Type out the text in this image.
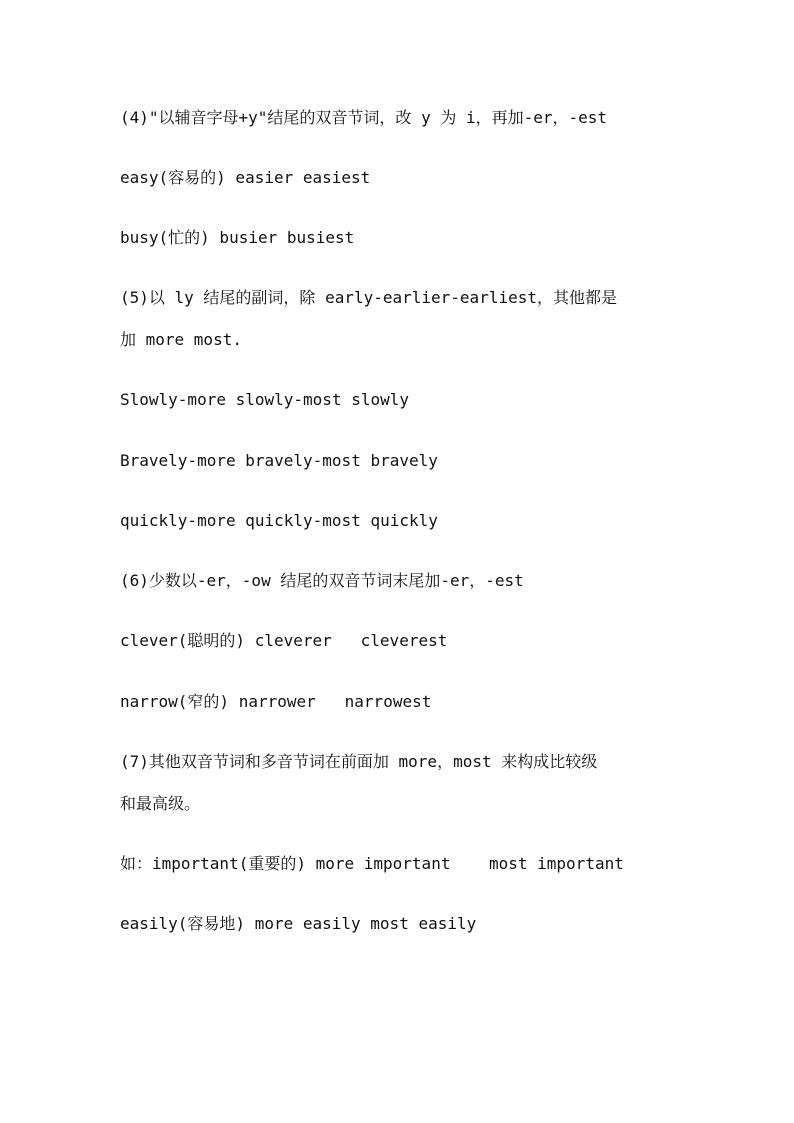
(4)"以辅音字母+y"结尾的双音节词，改 y 为 i，再加-er，-est

easy(容易的) easier easiest

busy(忙的) busier busiest

(5)以 ly 结尾的副词，除 early-earlier-earliest，其他都是

加 more most.

Slowly-more slowly-most slowly

Bravely-more bravely-most bravely

quickly-more quickly-most quickly

(6)少数以-er，-ow 结尾的双音节词末尾加-er，-est

clever(聪明的) cleverer   cleverest

narrow(窄的) narrower   narrowest

(7)其他双音节词和多音节词在前面加 more，most 来构成比较级

和最高级。

如：important(重要的) more important    most important

easily(容易地) more easily most easily
